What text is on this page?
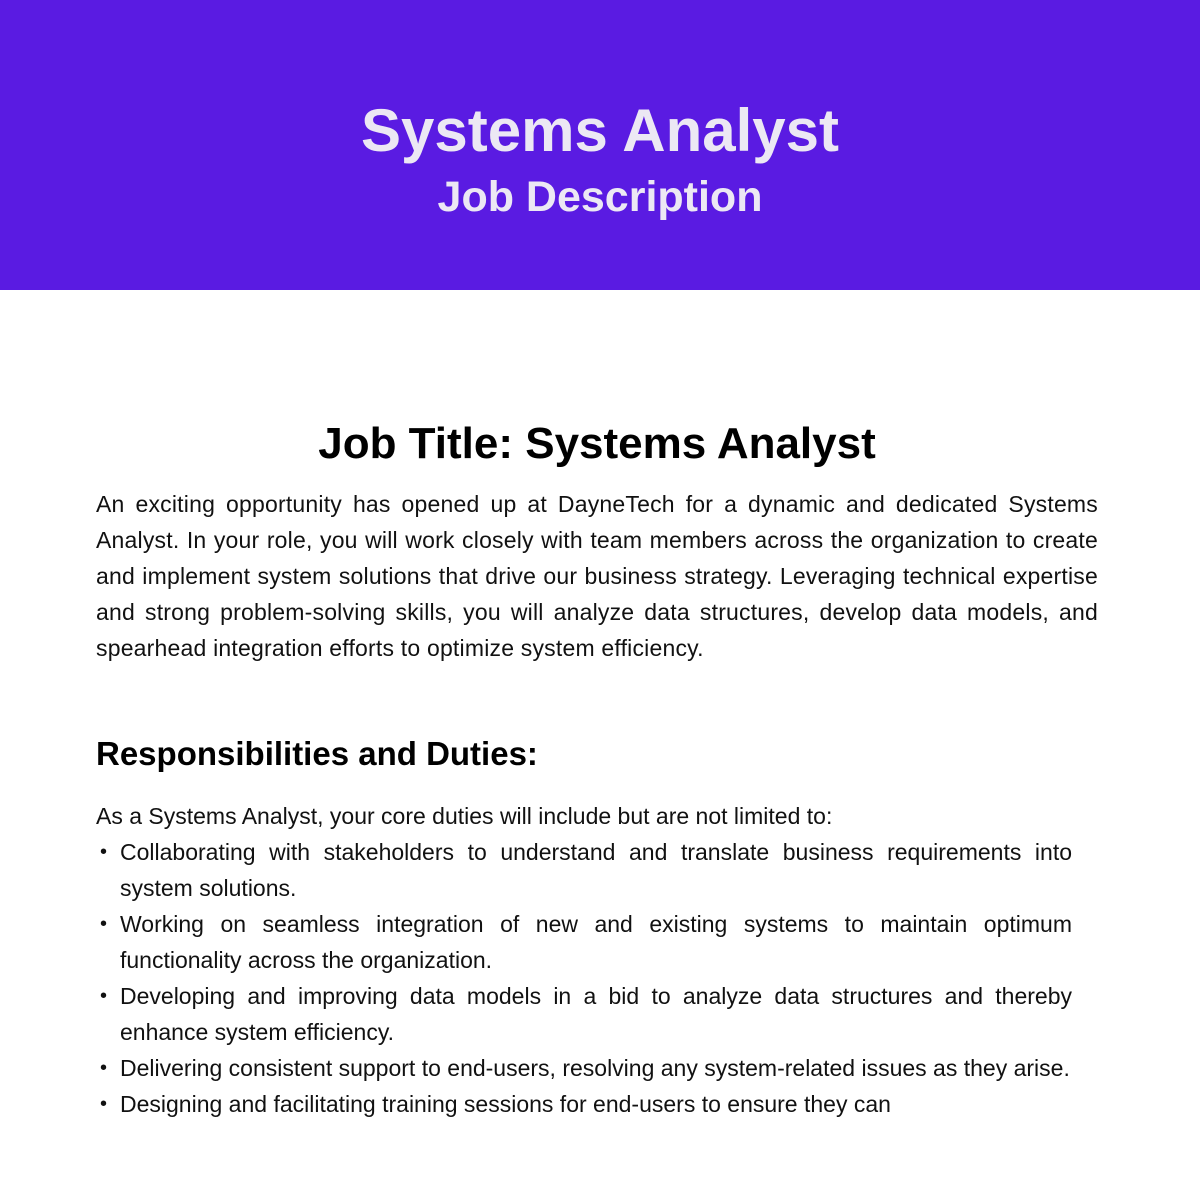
Systems Analyst
Job Description
Job Title: Systems Analyst

An exciting opportunity has opened up at DayneTech for a dynamic and dedicated Systems Analyst. In your role, you will work closely with team members across the organization to create and implement system solutions that drive our business strategy. Leveraging technical expertise and strong problem-solving skills, you will analyze data structures, develop data models, and spearhead integration efforts to optimize system efficiency.

Responsibilities and Duties:

As a Systems Analyst, your core duties will include but are not limited to:

• Collaborating with stakeholders to understand and translate business requirements into system solutions.
• Working on seamless integration of new and existing systems to maintain optimum functionality across the organization.
• Developing and improving data models in a bid to analyze data structures and thereby enhance system efficiency.
• Delivering consistent support to end-users, resolving any system-related issues as they arise.
• Designing and facilitating training sessions for end-users to ensure they can
